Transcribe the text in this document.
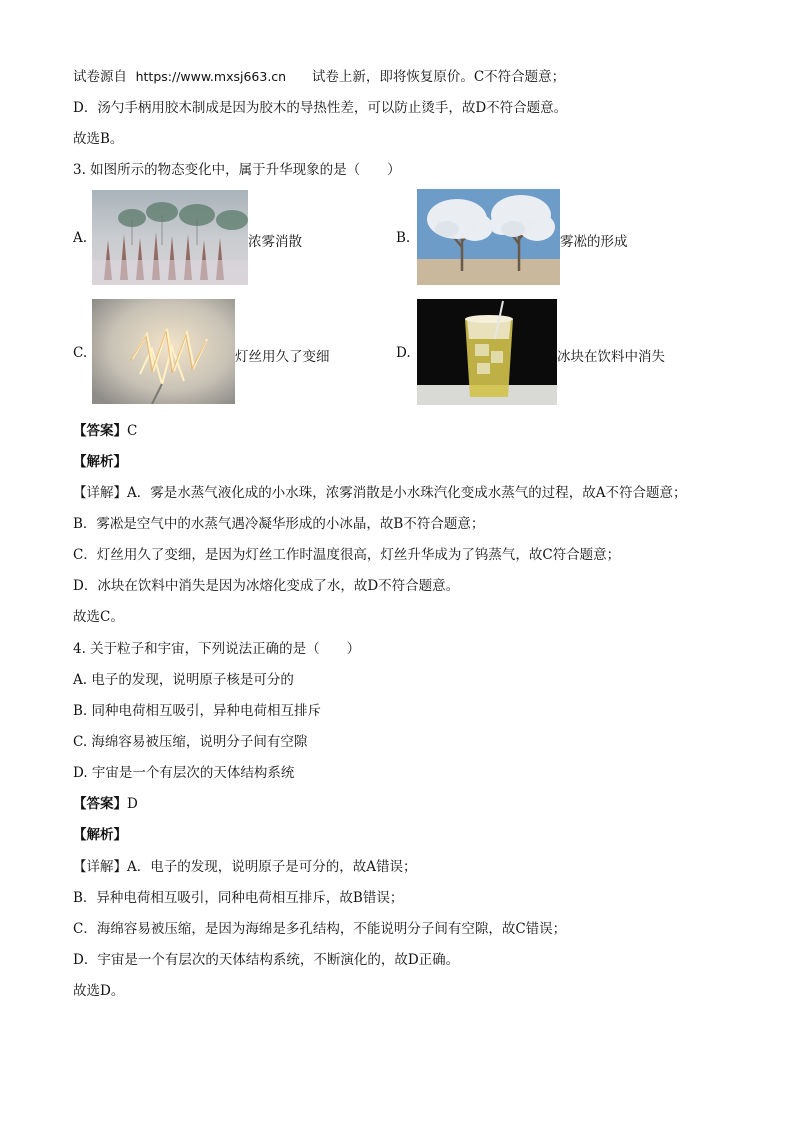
试卷源自 https://www.mxsj663.cn 试卷上新，即将恢复原价。C不符合题意；
D．汤勺手柄用胶木制成是因为胶木的导热性差，可以防止烫手，故D不符合题意。
故选B。
3. 如图所示的物态变化中，属于升华现象的是（　　）
A.	浓雾消散	B.	雾凇的形成
C.	灯丝用久了变细	D.	冰块在饮料中消失
【答案】C
【解析】
【详解】A．雾是水蒸气液化成的小水珠，浓雾消散是小水珠汽化变成水蒸气的过程，故A不符合题意；
B．雾凇是空气中的水蒸气遇冷凝华形成的小冰晶，故B不符合题意；
C．灯丝用久了变细，是因为灯丝工作时温度很高，灯丝升华成为了钨蒸气，故C符合题意；
D．冰块在饮料中消失是因为冰熔化变成了水，故D不符合题意。
故选C。
4. 关于粒子和宇宙，下列说法正确的是（　　）
A. 电子的发现，说明原子核是可分的
B. 同种电荷相互吸引，异种电荷相互排斥
C. 海绵容易被压缩，说明分子间有空隙
D. 宇宙是一个有层次的天体结构系统
【答案】D
【解析】
【详解】A．电子的发现，说明原子是可分的，故A错误；
B．异种电荷相互吸引，同种电荷相互排斥，故B错误；
C．海绵容易被压缩，是因为海绵是多孔结构，不能说明分子间有空隙，故C错误；
D．宇宙是一个有层次的天体结构系统，不断演化的，故D正确。
故选D。
